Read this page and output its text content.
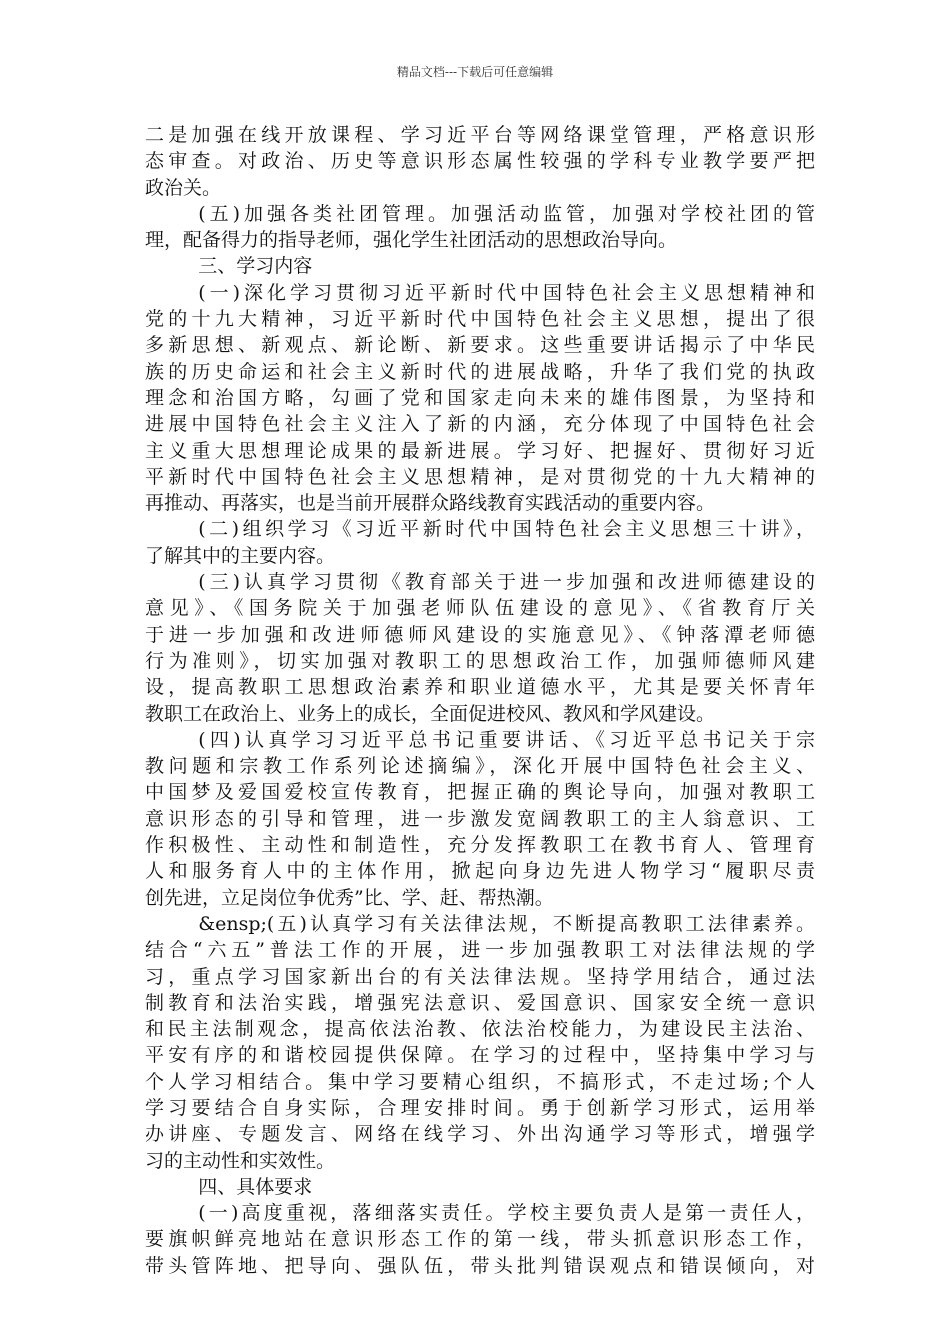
精品文档---下载后可任意编辑
二是加强在线开放课程、学习近平台等网络课堂管理，严格意识形
态审查。对政治、历史等意识形态属性较强的学科专业教学要严把
政治关。
(五)加强各类社团管理。加强活动监管，加强对学校社团的管
理，配备得力的指导老师，强化学生社团活动的思想政治导向。
三、学习内容
(一)深化学习贯彻习近平新时代中国特色社会主义思想精神和
党的十九大精神，习近平新时代中国特色社会主义思想，提出了很
多新思想、新观点、新论断、新要求。这些重要讲话揭示了中华民
族的历史命运和社会主义新时代的进展战略，升华了我们党的执政
理念和治国方略，勾画了党和国家走向未来的雄伟图景，为坚持和
进展中国特色社会主义注入了新的内涵，充分体现了中国特色社会
主义重大思想理论成果的最新进展。学习好、把握好、贯彻好习近
平新时代中国特色社会主义思想精神，是对贯彻党的十九大精神的
再推动、再落实，也是当前开展群众路线教育实践活动的重要内容。
(二)组织学习《习近平新时代中国特色社会主义思想三十讲》，
了解其中的主要内容。
(三)认真学习贯彻《教育部关于进一步加强和改进师德建设的
意见》、《国务院关于加强老师队伍建设的意见》、《省教育厅关
于进一步加强和改进师德师风建设的实施意见》、《钟落潭老师德
行为准则》，切实加强对教职工的思想政治工作，加强师德师风建
设，提高教职工思想政治素养和职业道德水平，尤其是要关怀青年
教职工在政治上、业务上的成长，全面促进校风、教风和学风建设。
(四)认真学习习近平总书记重要讲话、《习近平总书记关于宗
教问题和宗教工作系列论述摘编》，深化开展中国特色社会主义、
中国梦及爱国爱校宣传教育，把握正确的舆论导向，加强对教职工
意识形态的引导和管理，进一步激发宽阔教职工的主人翁意识、工
作积极性、主动性和制造性，充分发挥教职工在教书育人、管理育
人和服务育人中的主体作用，掀起向身边先进人物学习“履职尽责
创先进，立足岗位争优秀”比、学、赶、帮热潮。
&ensp;(五)认真学习有关法律法规，不断提高教职工法律素养。
结合“六五”普法工作的开展，进一步加强教职工对法律法规的学
习，重点学习国家新出台的有关法律法规。坚持学用结合，通过法
制教育和法治实践，增强宪法意识、爱国意识、国家安全统一意识
和民主法制观念，提高依法治教、依法治校能力，为建设民主法治、
平安有序的和谐校园提供保障。在学习的过程中，坚持集中学习与
个人学习相结合。集中学习要精心组织，不搞形式，不走过场;个人
学习要结合自身实际，合理安排时间。勇于创新学习形式，运用举
办讲座、专题发言、网络在线学习、外出沟通学习等形式，增强学
习的主动性和实效性。
四、具体要求
(一)高度重视，落细落实责任。学校主要负责人是第一责任人，
要旗帜鲜亮地站在意识形态工作的第一线，带头抓意识形态工作，
带头管阵地、把导向、强队伍，带头批判错误观点和错误倾向，对
